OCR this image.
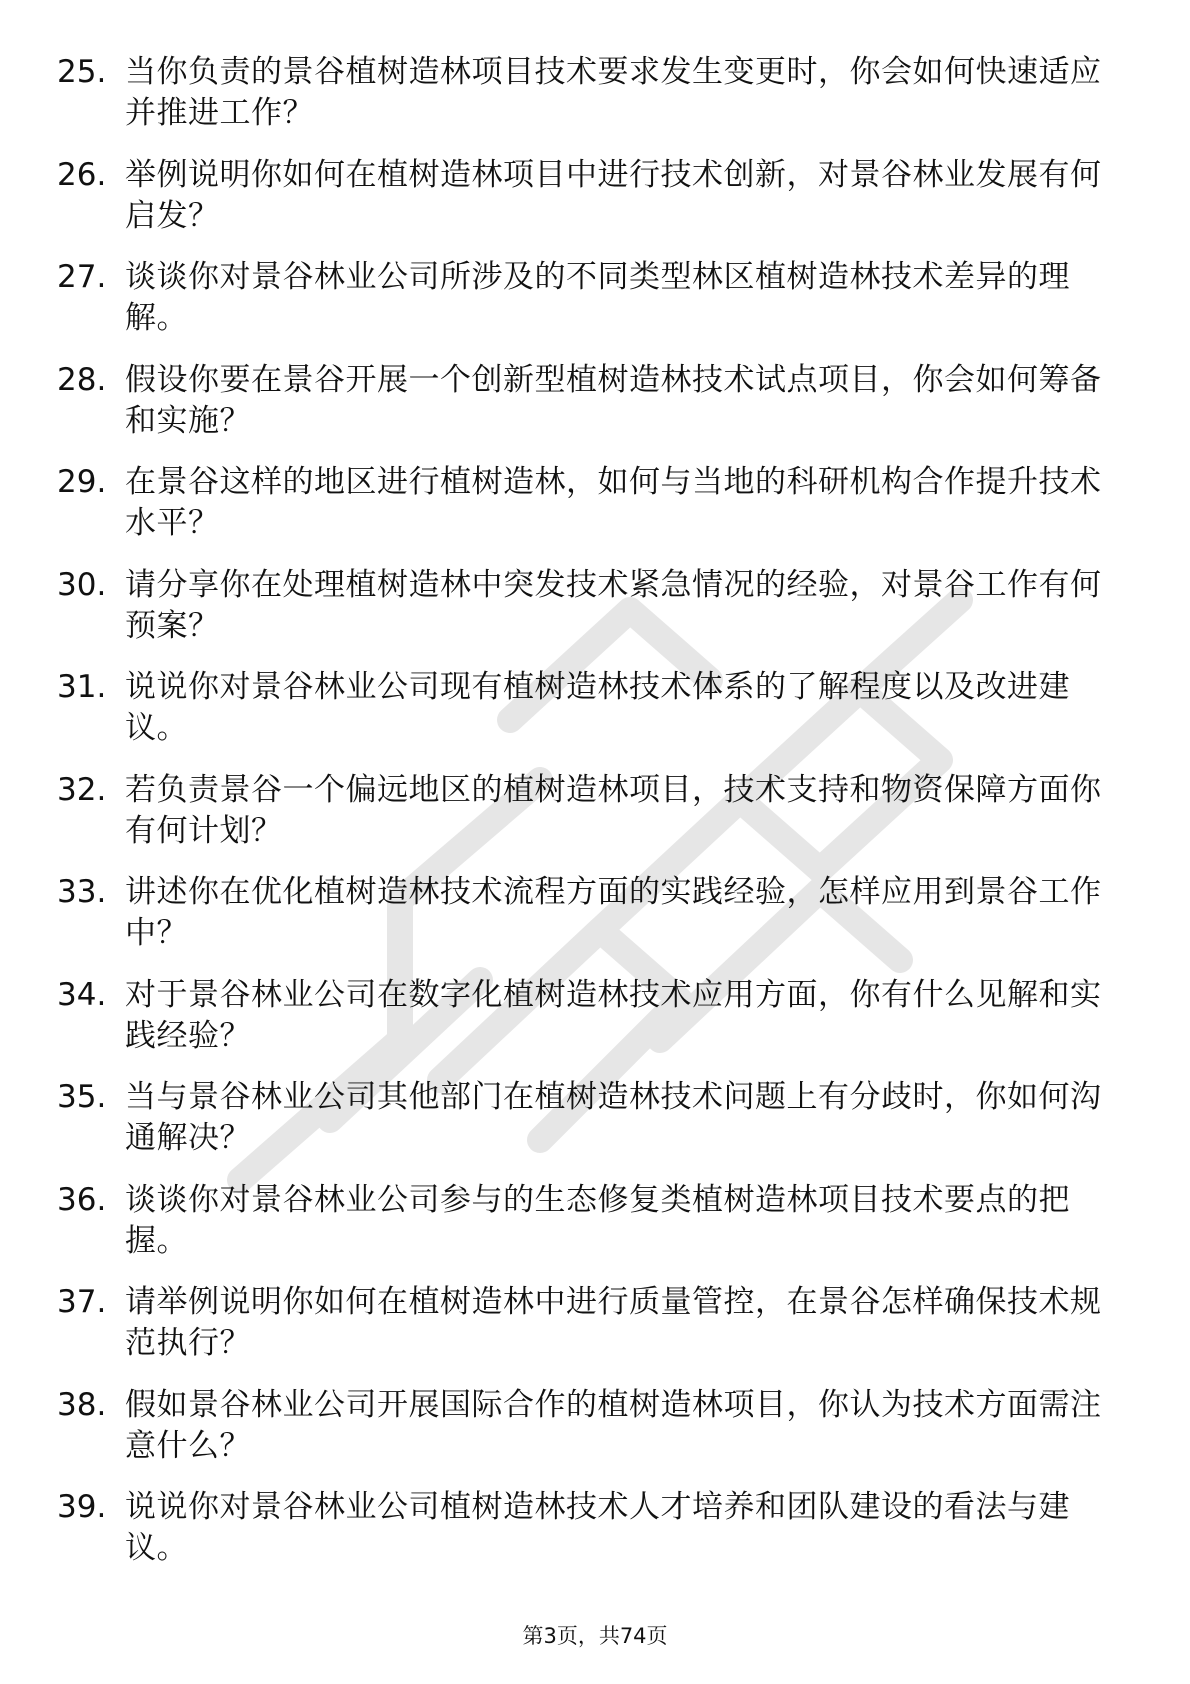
25. 当你负责的景谷植树造林项目技术要求发生变更时，你会如何快速适应并推进工作？
26. 举例说明你如何在植树造林项目中进行技术创新，对景谷林业发展有何启发？
27. 谈谈你对景谷林业公司所涉及的不同类型林区植树造林技术差异的理解。
28. 假设你要在景谷开展一个创新型植树造林技术试点项目，你会如何筹备和实施？
29. 在景谷这样的地区进行植树造林，如何与当地的科研机构合作提升技术水平？
30. 请分享你在处理植树造林中突发技术紧急情况的经验，对景谷工作有何预案？
31. 说说你对景谷林业公司现有植树造林技术体系的了解程度以及改进建议。
32. 若负责景谷一个偏远地区的植树造林项目，技术支持和物资保障方面你有何计划？
33. 讲述你在优化植树造林技术流程方面的实践经验，怎样应用到景谷工作中？
34. 对于景谷林业公司在数字化植树造林技术应用方面，你有什么见解和实践经验？
35. 当与景谷林业公司其他部门在植树造林技术问题上有分歧时，你如何沟通解决？
36. 谈谈你对景谷林业公司参与的生态修复类植树造林项目技术要点的把握。
37. 请举例说明你如何在植树造林中进行质量管控，在景谷怎样确保技术规范执行？
38. 假如景谷林业公司开展国际合作的植树造林项目，你认为技术方面需注意什么？
39. 说说你对景谷林业公司植树造林技术人才培养和团队建设的看法与建议。
第3页，共74页
